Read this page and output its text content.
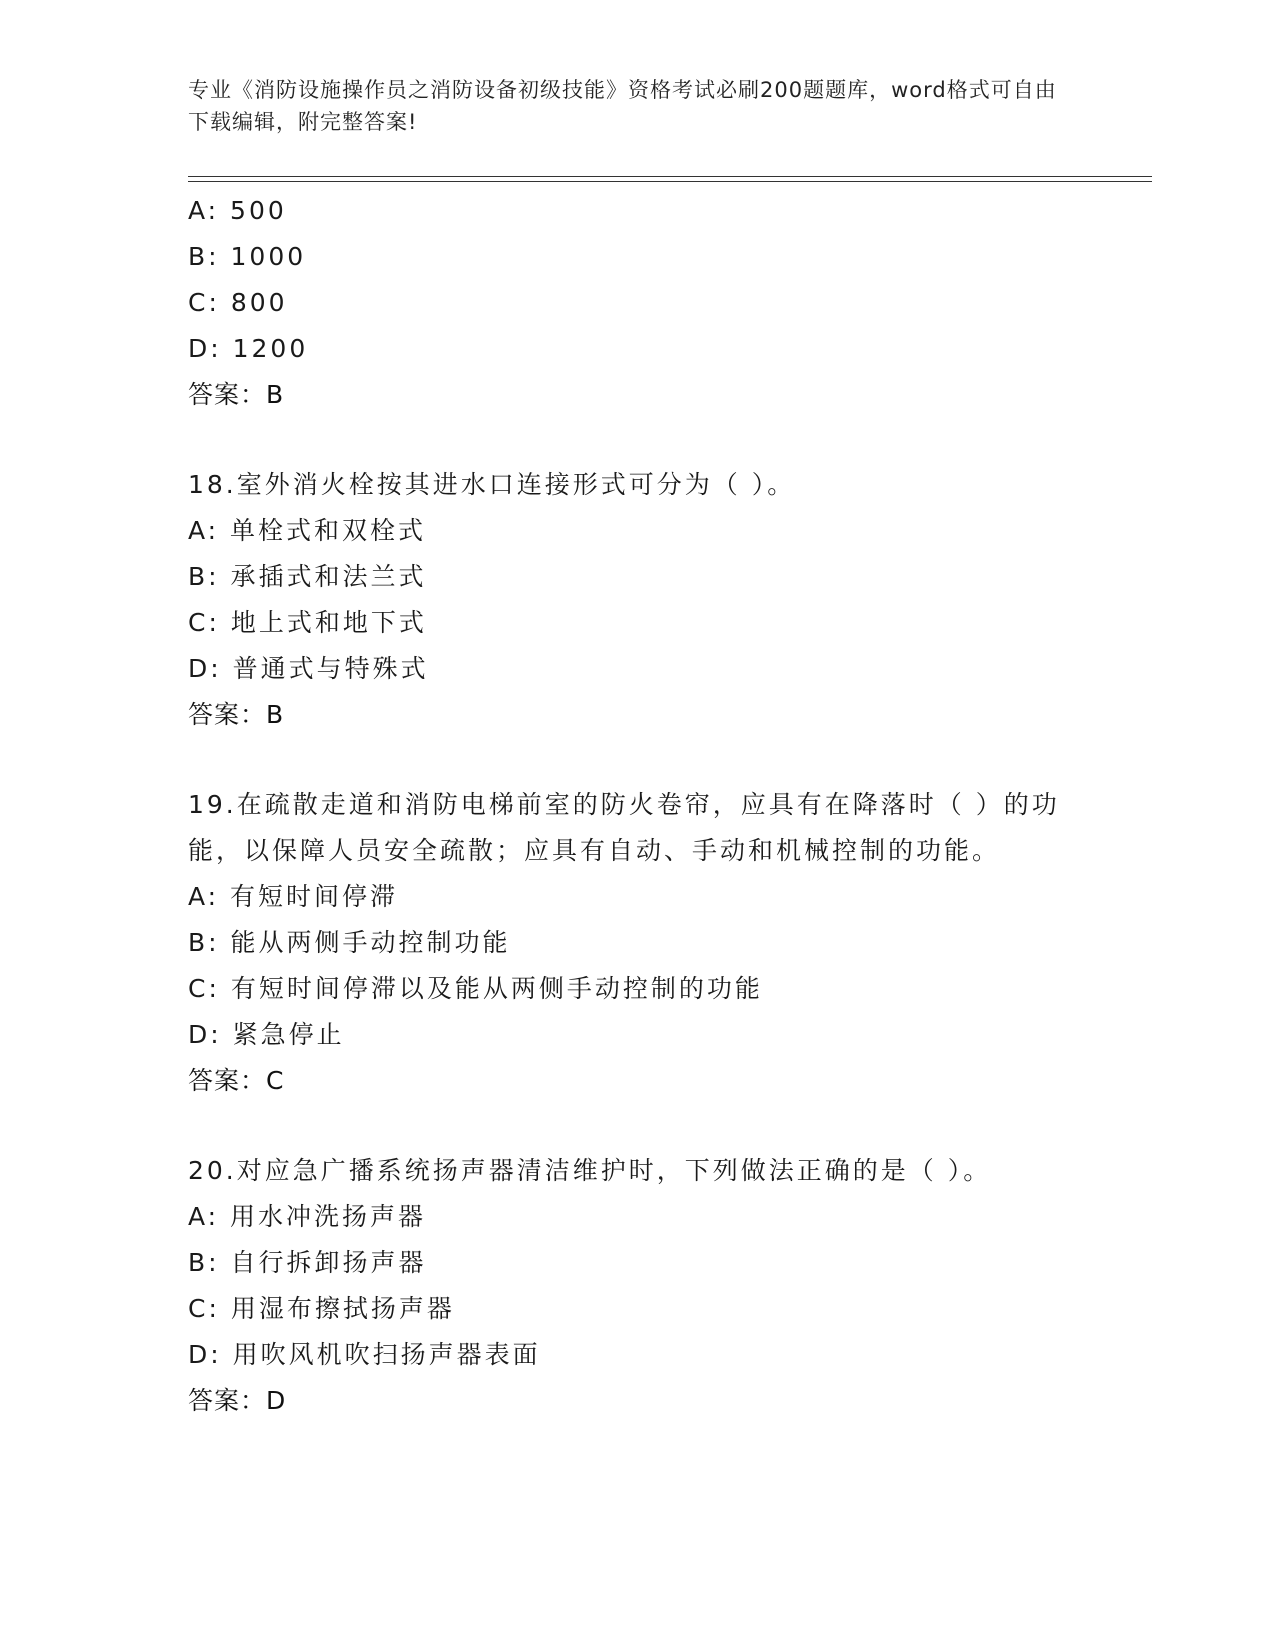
专业《消防设施操作员之消防设备初级技能》资格考试必刷200题题库，word格式可自由下载编辑，附完整答案!
A: 500
B: 1000
C: 800
D: 1200
答案：B
18.室外消火栓按其进水口连接形式可分为（ ）。
A: 单栓式和双栓式
B: 承插式和法兰式
C: 地上式和地下式
D: 普通式与特殊式
答案：B
19.在疏散走道和消防电梯前室的防火卷帘，应具有在降落时（ ）的功能，以保障人员安全疏散；应具有自动、手动和机械控制的功能。
A: 有短时间停滞
B: 能从两侧手动控制功能
C: 有短时间停滞以及能从两侧手动控制的功能
D: 紧急停止
答案：C
20.对应急广播系统扬声器清洁维护时，下列做法正确的是（ ）。
A: 用水冲洗扬声器
B: 自行拆卸扬声器
C: 用湿布擦拭扬声器
D: 用吹风机吹扫扬声器表面
答案：D
